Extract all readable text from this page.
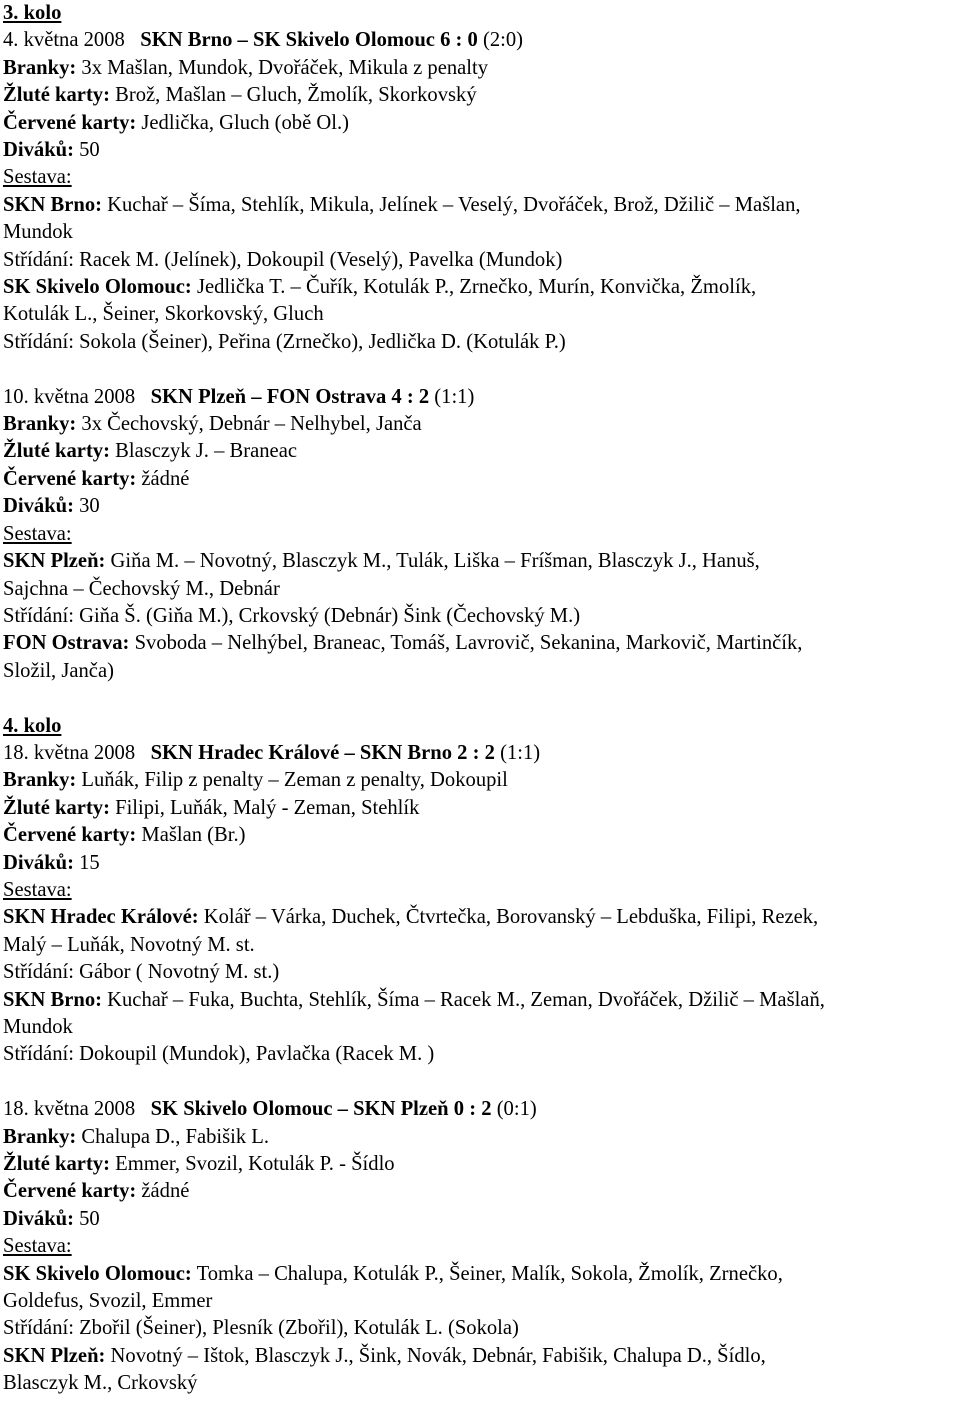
3. kolo
4. května 2008 SKN Brno – SK Skivelo Olomouc 6 : 0 (2:0)
Branky: 3x Mašlan, Mundok, Dvořáček, Mikula z penalty
Žluté karty: Brož, Mašlan – Gluch, Žmolík, Skorkovský
Červené karty: Jedlička, Gluch (obě Ol.)
Diváků: 50
Sestava:
SKN Brno: Kuchař – Šíma, Stehlík, Mikula, Jelínek – Veselý, Dvořáček, Brož, Džilič – Mašlan,
Mundok
Střídání: Racek M. (Jelínek), Dokoupil (Veselý), Pavelka (Mundok)
SK Skivelo Olomouc: Jedlička T. – Čuřík, Kotulák P., Zrnečko, Murín, Konvička, Žmolík,
Kotulák L., Šeiner, Skorkovský, Gluch
Střídání: Sokola (Šeiner), Peřina (Zrnečko), Jedlička D. (Kotulák P.)
10. května 2008 SKN Plzeň – FON Ostrava 4 : 2 (1:1)
Branky: 3x Čechovský, Debnár – Nelhybel, Janča
Žluté karty: Blasczyk J. – Braneac
Červené karty: žádné
Diváků: 30
Sestava:
SKN Plzeň: Giňa M. – Novotný, Blasczyk M., Tulák, Liška – Fríšman, Blasczyk J., Hanuš,
Sajchna – Čechovský M., Debnár
Střídání: Giňa Š. (Giňa M.), Crkovský (Debnár) Šink (Čechovský M.)
FON Ostrava: Svoboda – Nelhýbel, Braneac, Tomáš, Lavrovič, Sekanina, Markovič, Martinčík,
Složil, Janča)
4. kolo
18. května 2008 SKN Hradec Králové – SKN Brno 2 : 2 (1:1)
Branky: Luňák, Filip z penalty – Zeman z penalty, Dokoupil
Žluté karty: Filipi, Luňák, Malý - Zeman, Stehlík
Červené karty: Mašlan (Br.)
Diváků: 15
Sestava:
SKN Hradec Králové: Kolář – Várka, Duchek, Čtvrtečka, Borovanský – Lebduška, Filipi, Rezek,
Malý – Luňák, Novotný M. st.
Střídání: Gábor ( Novotný M. st.)
SKN Brno: Kuchař – Fuka, Buchta, Stehlík, Šíma – Racek M., Zeman, Dvořáček, Džilič – Mašlaň,
Mundok
Střídání: Dokoupil (Mundok), Pavlačka (Racek M. )
18. května 2008 SK Skivelo Olomouc – SKN Plzeň 0 : 2 (0:1)
Branky: Chalupa D., Fabišik L.
Žluté karty: Emmer, Svozil, Kotulák P. - Šídlo
Červené karty: žádné
Diváků: 50
Sestava:
SK Skivelo Olomouc: Tomka – Chalupa, Kotulák P., Šeiner, Malík, Sokola, Žmolík, Zrnečko,
Goldefus, Svozil, Emmer
Střídání: Zbořil (Šeiner), Plesník (Zbořil), Kotulák L. (Sokola)
SKN Plzeň: Novotný – Ištok, Blasczyk J., Šink, Novák, Debnár, Fabišik, Chalupa D., Šídlo,
Blasczyk M., Crkovský
